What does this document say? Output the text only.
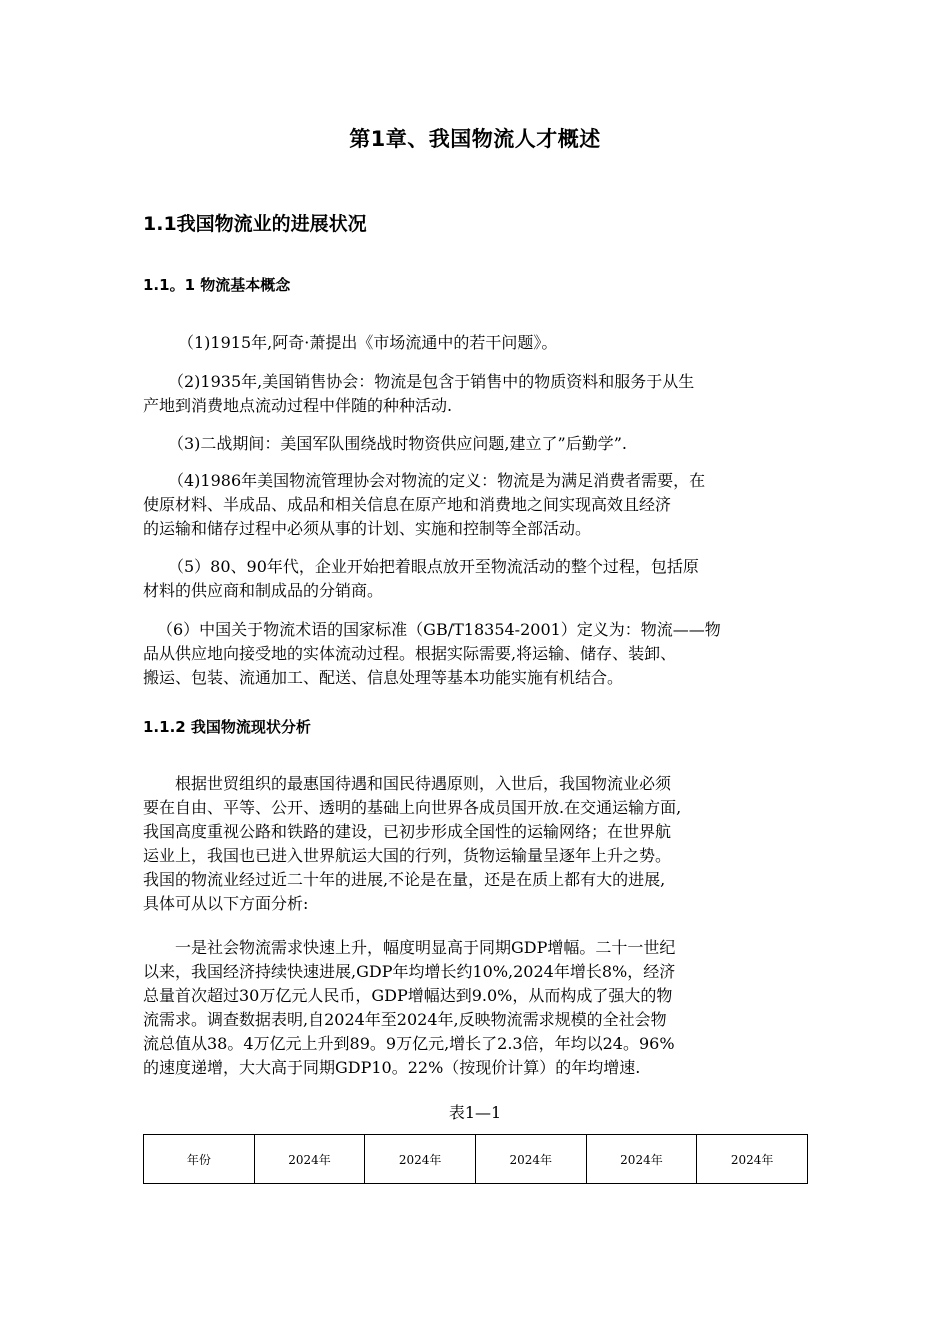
第1章、我国物流人才概述
1.1我国物流业的进展状况
1.1。1 物流基本概念
（1)1915年,阿奇·萧提出《市场流通中的若干问题》。
（2)1935年,美国销售协会：物流是包含于销售中的物质资料和服务于从生
产地到消费地点流动过程中伴随的种种活动.
（3)二战期间：美国军队围绕战时物资供应问题,建立了”后勤学”.
（4)1986年美国物流管理协会对物流的定义：物流是为满足消费者需要，在
使原材料、半成品、成品和相关信息在原产地和消费地之间实现高效且经济
的运输和储存过程中必须从事的计划、实施和控制等全部活动。
（5）80、90年代，企业开始把着眼点放开至物流活动的整个过程，包括原
材料的供应商和制成品的分销商。
（6）中国关于物流术语的国家标准（GB/T18354-2001）定义为：物流——物
品从供应地向接受地的实体流动过程。根据实际需要,将运输、储存、装卸、
搬运、包装、流通加工、配送、信息处理等基本功能实施有机结合。
1.1.2 我国物流现状分析
　　根据世贸组织的最惠国待遇和国民待遇原则，入世后，我国物流业必须
要在自由、平等、公开、透明的基础上向世界各成员国开放.在交通运输方面,
我国高度重视公路和铁路的建设，已初步形成全国性的运输网络；在世界航
运业上，我国也已进入世界航运大国的行列，货物运输量呈逐年上升之势。
我国的物流业经过近二十年的进展,不论是在量，还是在质上都有大的进展,
具体可从以下方面分析:
　　一是社会物流需求快速上升，幅度明显高于同期GDP增幅。二十一世纪
以来，我国经济持续快速进展,GDP年均增长约10%,2024年增长8%，经济
总量首次超过30万亿元人民币，GDP增幅达到9.0%，从而构成了强大的物
流需求。调查数据表明,自2024年至2024年,反映物流需求规模的全社会物
流总值从38。4万亿元上升到89。9万亿元,增长了2.3倍，年均以24。96%
的速度递增，大大高于同期GDP10。22%（按现价计算）的年均增速.
表1—1
年份	2024年	2024年	2024年	2024年	2024年
